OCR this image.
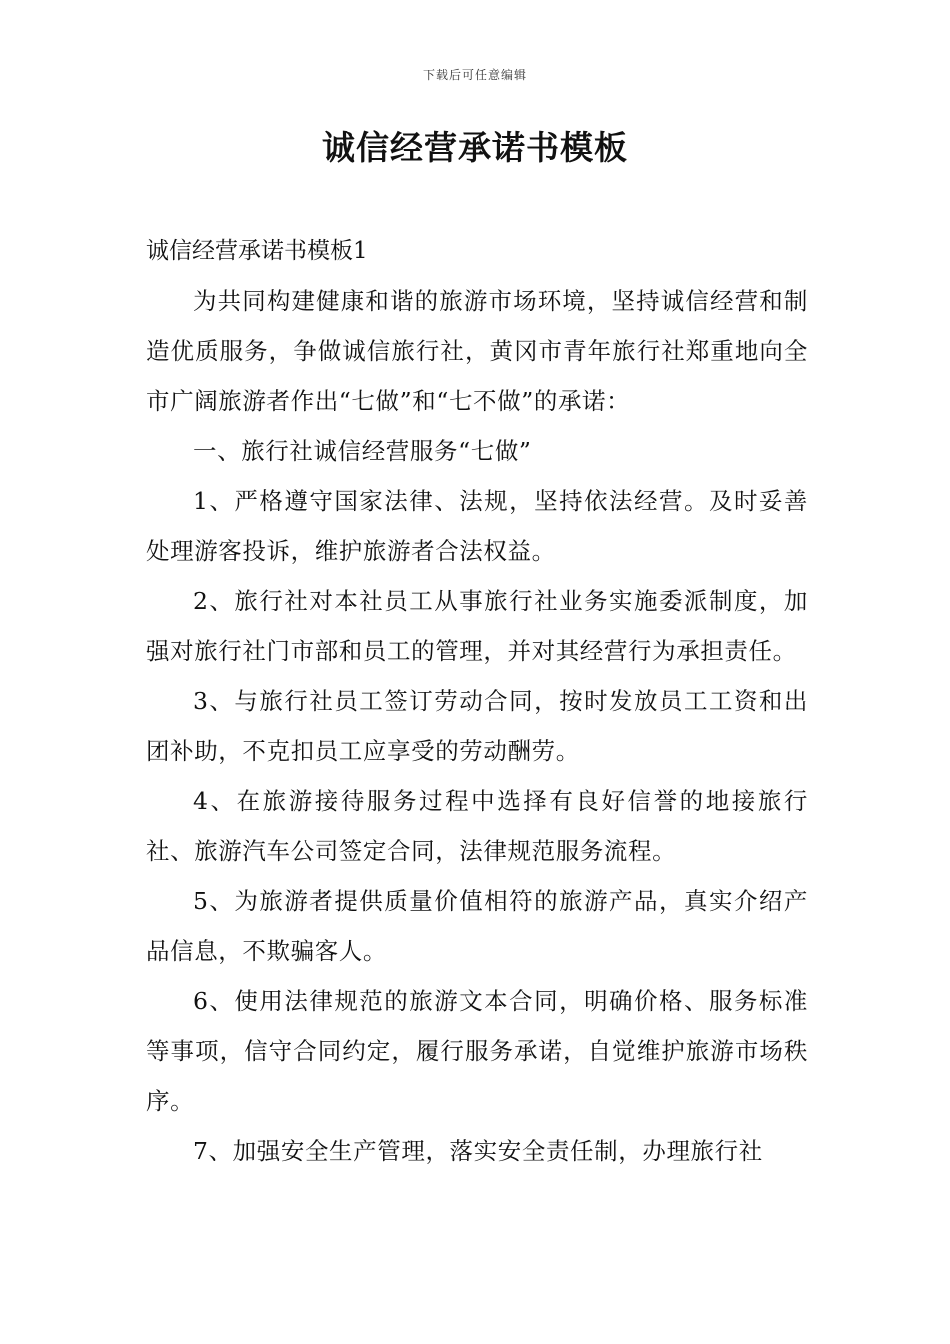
下载后可任意编辑
诚信经营承诺书模板

诚信经营承诺书模板1

为共同构建健康和谐的旅游市场环境，坚持诚信经营和制造优质服务，争做诚信旅行社，黄冈市青年旅行社郑重地向全市广阔旅游者作出“七做”和“七不做”的承诺：

一、旅行社诚信经营服务“七做”

1、严格遵守国家法律、法规，坚持依法经营。及时妥善处理游客投诉，维护旅游者合法权益。

2、旅行社对本社员工从事旅行社业务实施委派制度，加强对旅行社门市部和员工的管理，并对其经营行为承担责任。

3、与旅行社员工签订劳动合同，按时发放员工工资和出团补助，不克扣员工应享受的劳动酬劳。

4、在旅游接待服务过程中选择有良好信誉的地接旅行社、旅游汽车公司签定合同，法律规范服务流程。

5、为旅游者提供质量价值相符的旅游产品，真实介绍产品信息，不欺骗客人。

6、使用法律规范的旅游文本合同，明确价格、服务标准等事项，信守合同约定，履行服务承诺，自觉维护旅游市场秩序。

7、加强安全生产管理，落实安全责任制，办理旅行社
